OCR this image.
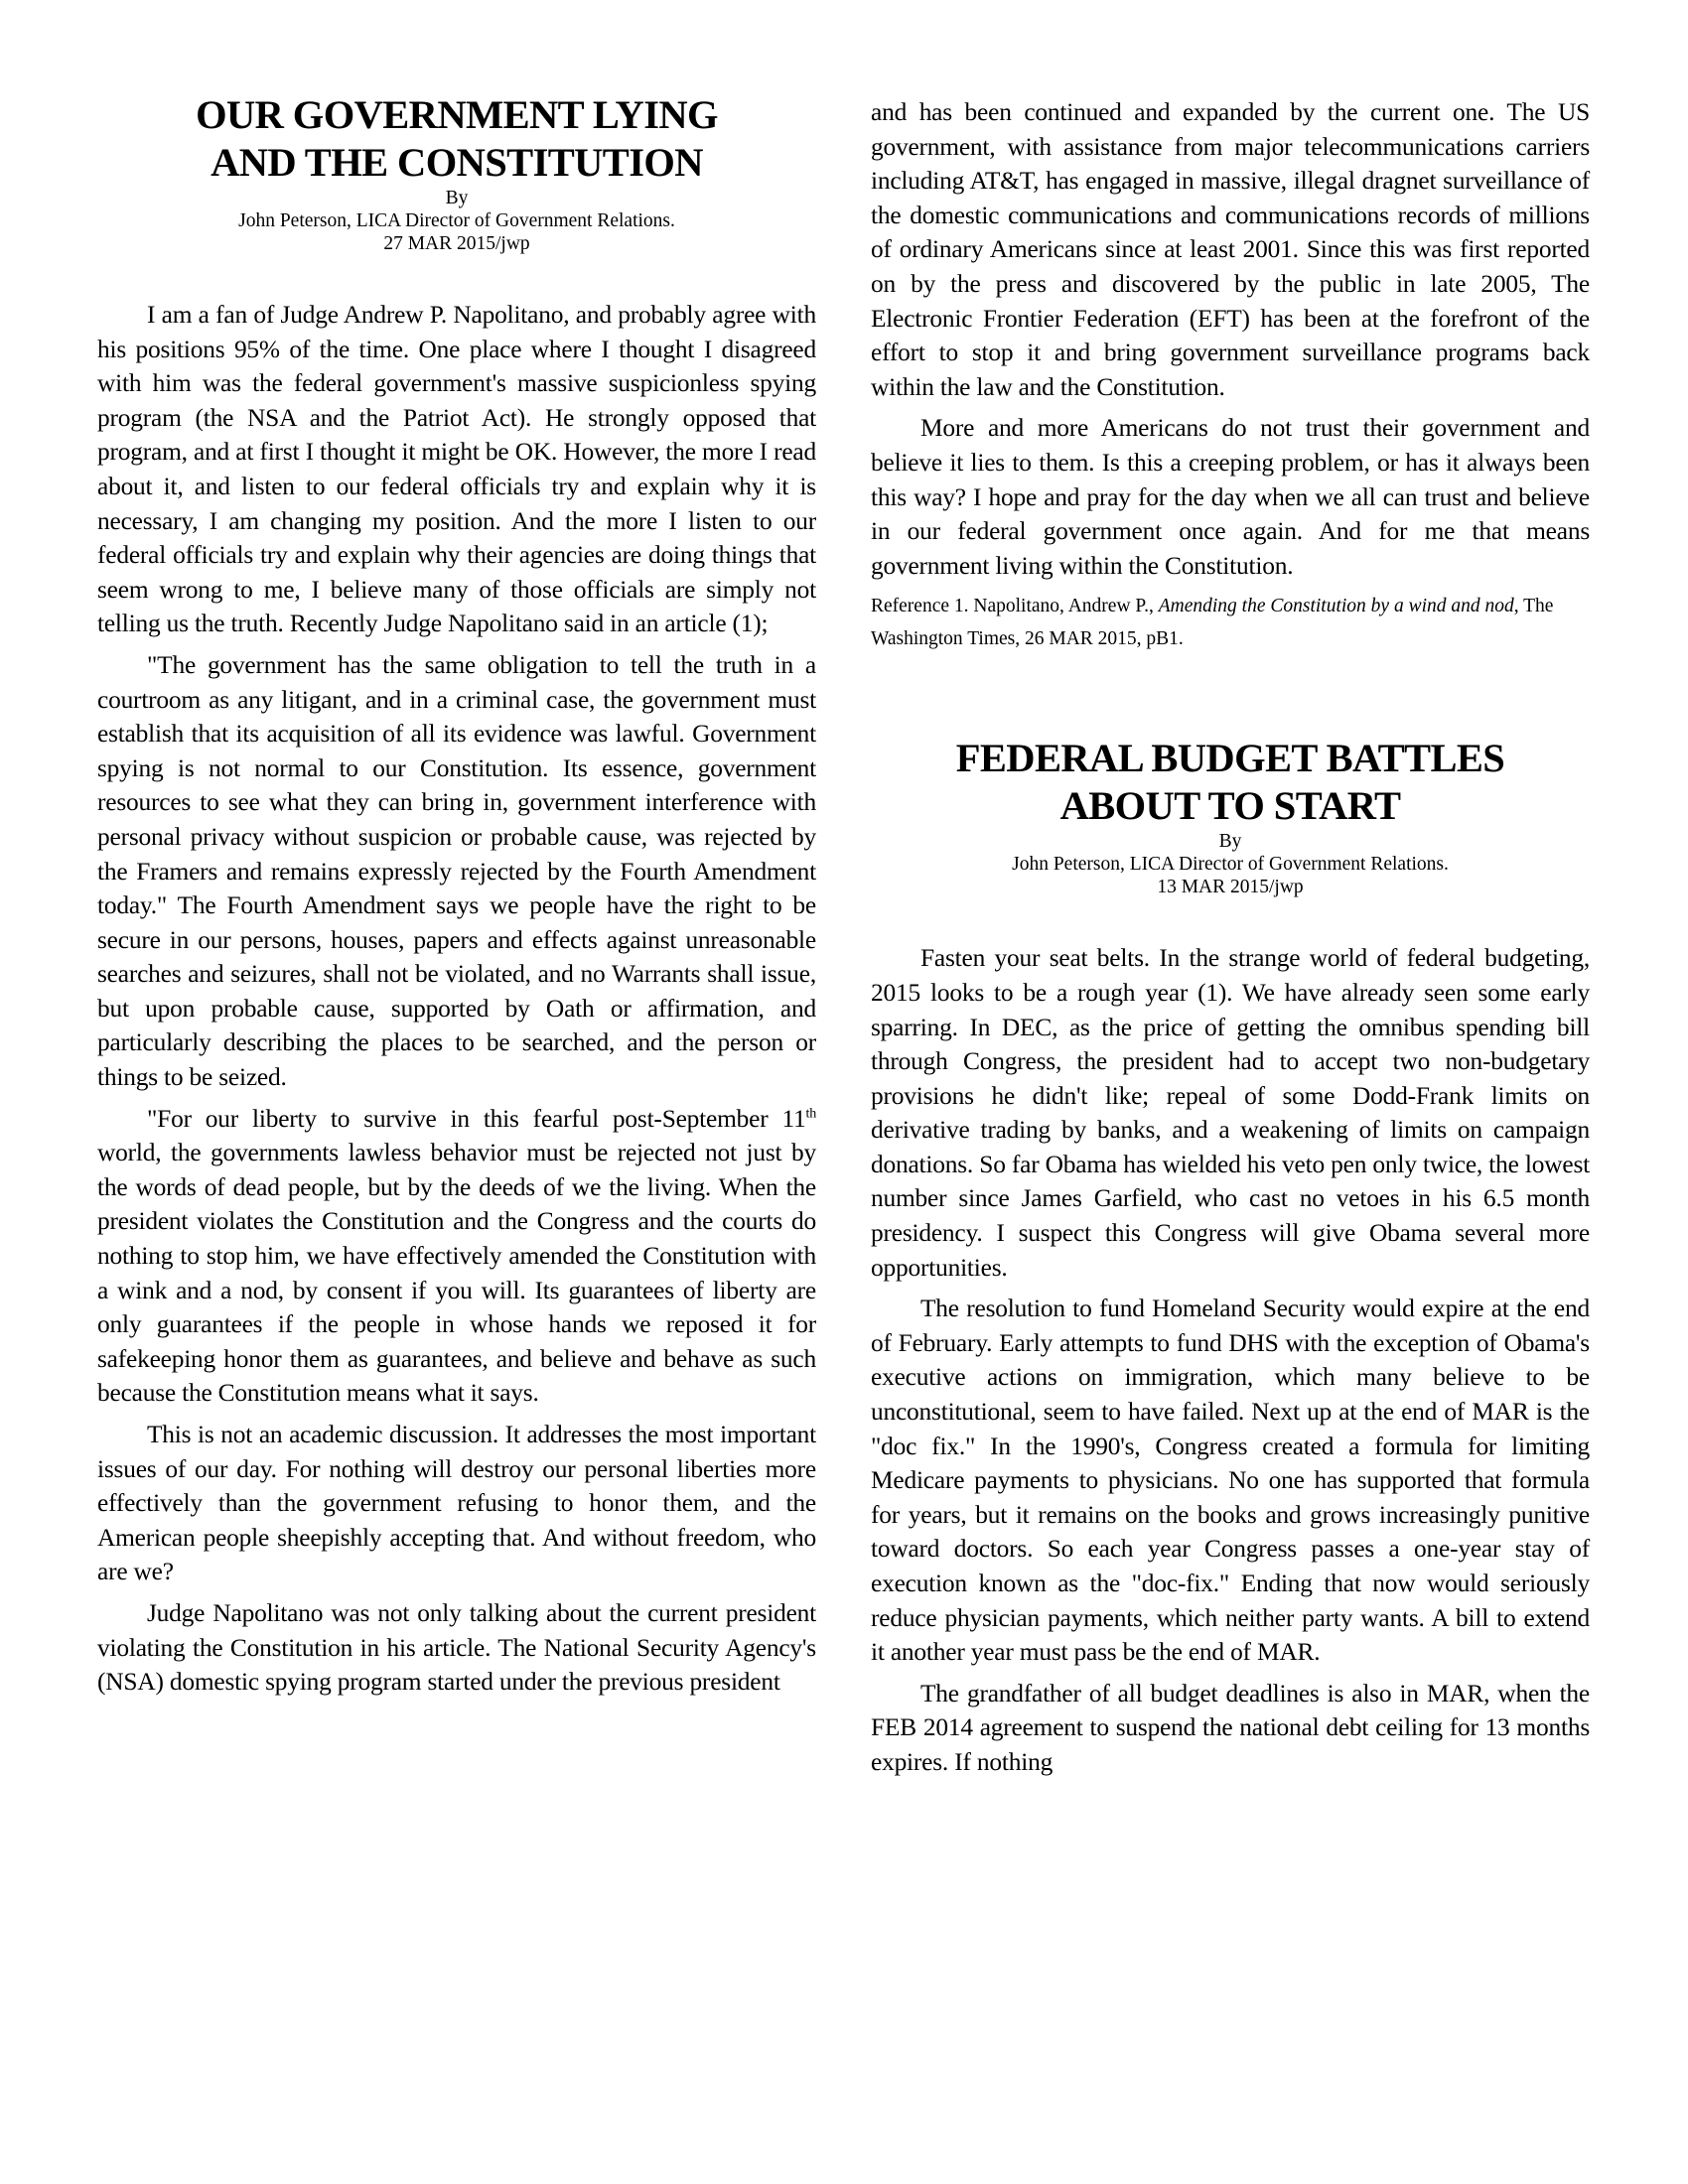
OUR GOVERNMENT LYING
AND THE CONSTITUTION

By

John Peterson, LICA Director of Government Relations.

27 MAR 2015/jwp

I am a fan of Judge Andrew P. Napolitano, and probably agree with his positions 95% of the time. One place where I thought I disagreed with him was the federal government's massive suspicionless spying program (the NSA and the Patriot Act). He strongly opposed that program, and at first I thought it might be OK. However, the more I read about it, and listen to our federal officials try and explain why it is necessary, I am changing my position. And the more I listen to our federal officials try and explain why their agencies are doing things that seem wrong to me, I believe many of those officials are simply not telling us the truth. Recently Judge Napolitano said in an article (1);

"The government has the same obligation to tell the truth in a courtroom as any litigant, and in a criminal case, the government must establish that its acquisition of all its evidence was lawful. Government spying is not normal to our Constitution. Its essence, government resources to see what they can bring in, government interference with personal privacy without suspicion or probable cause, was rejected by the Framers and remains expressly rejected by the Fourth Amendment today." The Fourth Amendment says we people have the right to be secure in our persons, houses, papers and effects against unreasonable searches and seizures, shall not be violated, and no Warrants shall issue, but upon probable cause, supported by Oath or affirmation, and particularly describing the places to be searched, and the person or things to be seized.

"For our liberty to survive in this fearful post-September 11th world, the governments lawless behavior must be rejected not just by the words of dead people, but by the deeds of we the living. When the president violates the Constitution and the Congress and the courts do nothing to stop him, we have effectively amended the Constitution with a wink and a nod, by consent if you will. Its guarantees of liberty are only guarantees if the people in whose hands we reposed it for safekeeping honor them as guarantees, and believe and behave as such because the Constitution means what it says.

This is not an academic discussion. It addresses the most important issues of our day. For nothing will destroy our personal liberties more effectively than the government refusing to honor them, and the American people sheepishly accepting that. And without freedom, who are we?

Judge Napolitano was not only talking about the current president violating the Constitution in his article. The National Security Agency's (NSA) domestic spying program started under the previous president

and has been continued and expanded by the current one. The US government, with assistance from major telecommunications carriers including AT&T, has engaged in massive, illegal dragnet surveillance of the domestic communications and communications records of millions of ordinary Americans since at least 2001. Since this was first reported on by the press and discovered by the public in late 2005, The Electronic Frontier Federation (EFT) has been at the forefront of the effort to stop it and bring government surveillance programs back within the law and the Constitution.

More and more Americans do not trust their government and believe it lies to them. Is this a creeping problem, or has it always been this way? I hope and pray for the day when we all can trust and believe in our federal government once again. And for me that means government living within the Constitution.

Reference 1. Napolitano, Andrew P., Amending the Constitution by a wind and nod, The Washington Times, 26 MAR 2015, pB1.

FEDERAL BUDGET BATTLES
ABOUT TO START

By

John Peterson, LICA Director of Government Relations.

13 MAR 2015/jwp

Fasten your seat belts. In the strange world of federal budgeting, 2015 looks to be a rough year (1). We have already seen some early sparring. In DEC, as the price of getting the omnibus spending bill through Congress, the president had to accept two non-budgetary provisions he didn't like; repeal of some Dodd-Frank limits on derivative trading by banks, and a weakening of limits on campaign donations. So far Obama has wielded his veto pen only twice, the lowest number since James Garfield, who cast no vetoes in his 6.5 month presidency. I suspect this Congress will give Obama several more opportunities.

The resolution to fund Homeland Security would expire at the end of February. Early attempts to fund DHS with the exception of Obama's executive actions on immigration, which many believe to be unconstitutional, seem to have failed. Next up at the end of MAR is the "doc fix." In the 1990's, Congress created a formula for limiting Medicare payments to physicians. No one has supported that formula for years, but it remains on the books and grows increasingly punitive toward doctors. So each year Congress passes a one-year stay of execution known as the "doc-fix." Ending that now would seriously reduce physician payments, which neither party wants. A bill to extend it another year must pass be the end of MAR.

The grandfather of all budget deadlines is also in MAR, when the FEB 2014 agreement to suspend the national debt ceiling for 13 months expires. If nothing
